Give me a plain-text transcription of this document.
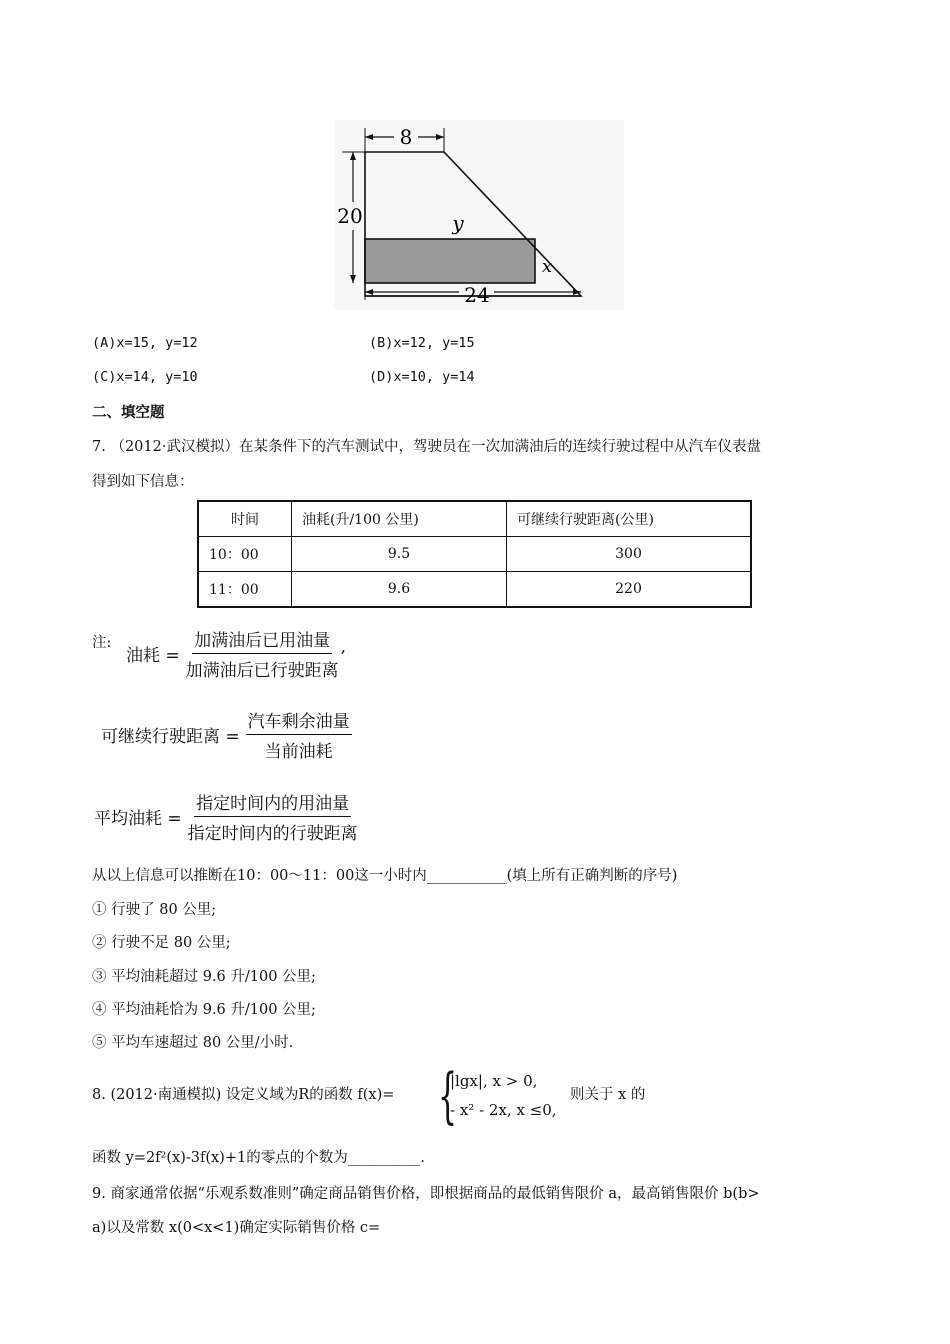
8
20	y
x
24
(A)x=15, y=12	(B)x=12, y=15
(C)x=14, y=10	(D)x=10, y=14
二、填空题
7. （2012·武汉模拟）在某条件下的汽车测试中，驾驶员在一次加满油后的连续行驶过程中从汽车仪表盘
得到如下信息：
时间	油耗(升/100 公里)	可继续行驶距离(公里)
10：00	9.5	300
11：00	9.6	220
注:
油耗 = $\frac{\text{加满油后已用油量}}{\text{加满油后已行驶距离}}$ ,
可继续行驶距离 = $\frac{\text{汽车剩余油量}}{\text{当前油耗}}$
平均油耗 = $\frac{\text{指定时间内的用油量}}{\text{指定时间内的行驶距离}}$
从以上信息可以推断在10：00～11：00这一小时内___________(填上所有正确判断的序号)
① 行驶了 80 公里;
② 行驶不足 80 公里;
③ 平均油耗超过 9.6 升/100 公里;
④ 平均油耗恰为 9.6 升/100 公里;
⑤ 平均车速超过 80 公里/小时.
8. (2012·南通模拟) 设定义域为R的函数 f(x)= {
|lgx|, x > 0,
- x² - 2x, x ≤0,
则关于 x 的
函数 y=2f²(x)-3f(x)+1的零点的个数为__________.
9. 商家通常依据“乐观系数准则”确定商品销售价格，即根据商品的最低销售限价 a，最高销售限价 b(b>
a)以及常数 x(0<x<1)确定实际销售价格 c=
